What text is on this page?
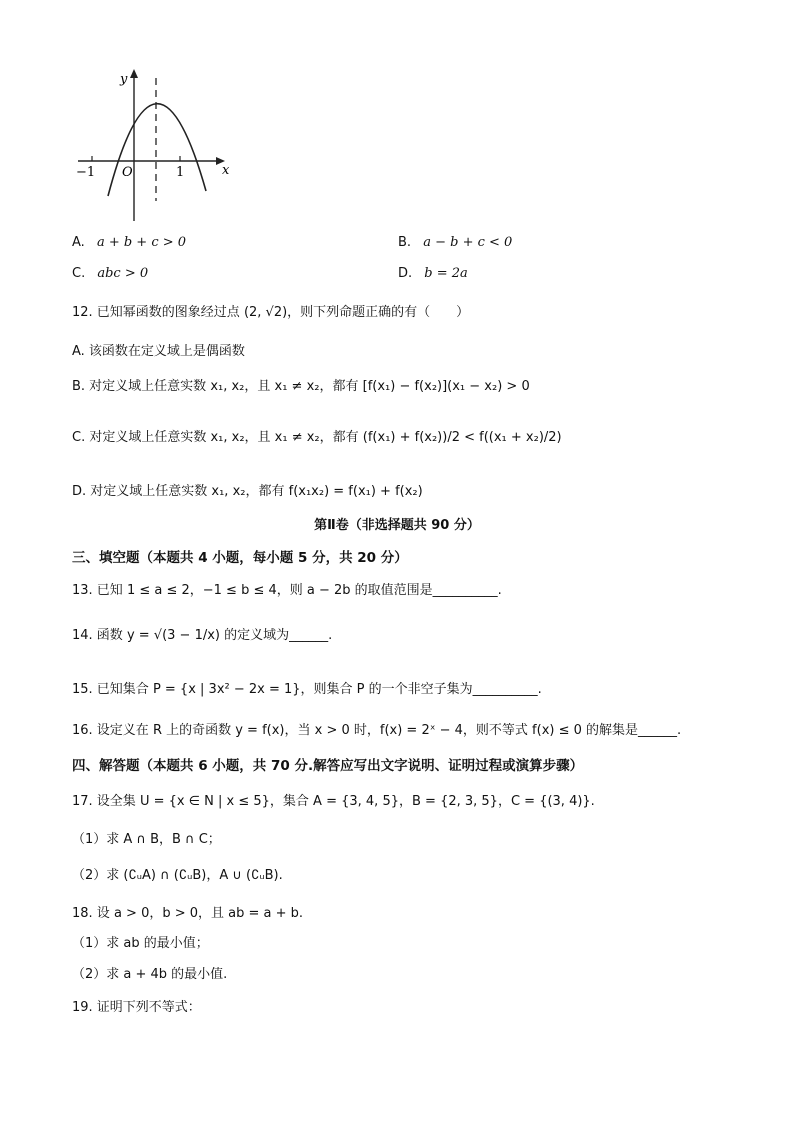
y
x
−1 O	1
A. a + b + c > 0	B. a − b + c < 0
C. abc > 0	D. b = 2a
12. 已知幂函数的图象经过点 (2, √2)，则下列命题正确的有（　　）
A. 该函数在定义域上是偶函数
B. 对定义域上任意实数 x₁, x₂，且 x₁ ≠ x₂，都有 [f(x₁) − f(x₂)](x₁ − x₂) > 0
C. 对定义域上任意实数 x₁, x₂，且 x₁ ≠ x₂，都有 (f(x₁) + f(x₂))/2 < f((x₁ + x₂)/2)
D. 对定义域上任意实数 x₁, x₂，都有 f(x₁x₂) = f(x₁) + f(x₂)
第Ⅱ卷（非选择题共 90 分）
三、填空题（本题共 4 小题，每小题 5 分，共 20 分）
13. 已知 1 ≤ a ≤ 2，−1 ≤ b ≤ 4，则 a − 2b 的取值范围是__________.
14. 函数 y = √(3 − 1/x) 的定义域为______.
15. 已知集合 P = {x | 3x² − 2x = 1}，则集合 P 的一个非空子集为__________.
16. 设定义在 R 上的奇函数 y = f(x)，当 x > 0 时，f(x) = 2ˣ − 4，则不等式 f(x) ≤ 0 的解集是______.
四、解答题（本题共 6 小题，共 70 分.解答应写出文字说明、证明过程或演算步骤）
17. 设全集 U = {x ∈ N | x ≤ 5}，集合 A = {3, 4, 5}，B = {2, 3, 5}，C = {(3, 4)}.
（1）求 A ∩ B，B ∩ C；
（2）求 (∁ᵤA) ∩ (∁ᵤB)，A ∪ (∁ᵤB).
18. 设 a > 0，b > 0，且 ab = a + b.
（1）求 ab 的最小值；
（2）求 a + 4b 的最小值.
19. 证明下列不等式：
